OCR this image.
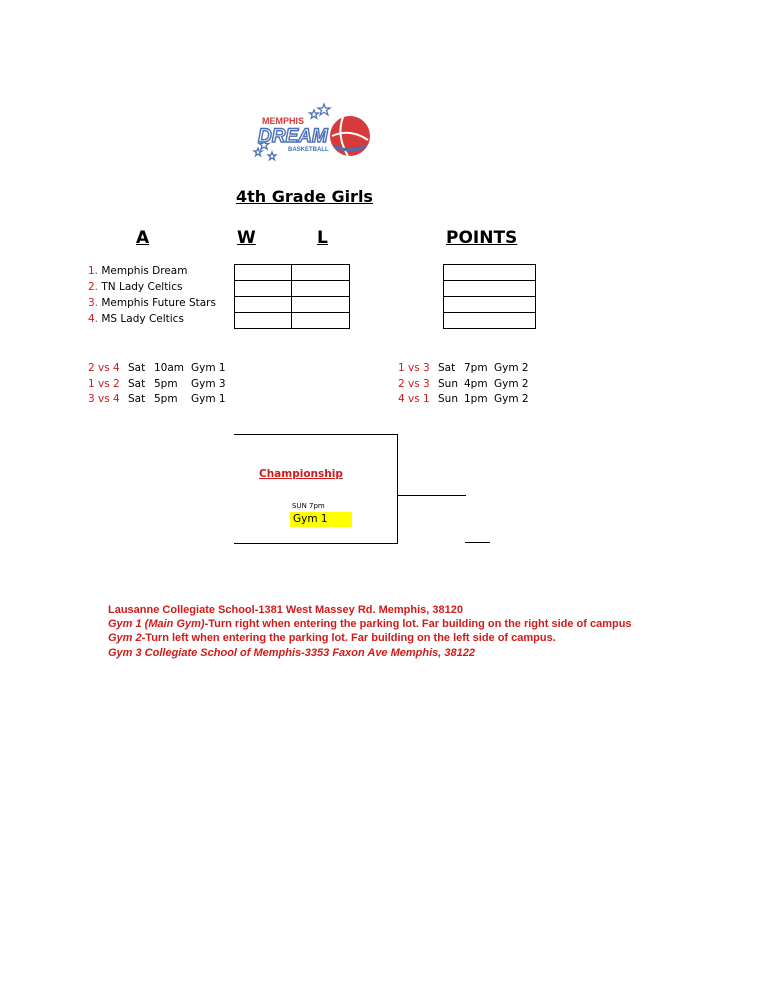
MEMPHIS
DREAM
BASKETBALL
4th Grade Girls
A	W	L	POINTS
1. Memphis Dream
2. TN Lady Celtics
3. Memphis Future Stars
4. MS Lady Celtics

2 vs 4 Sat 10am Gym 1
1 vs 2 Sat 5pm Gym 3
3 vs 4 Sat 5pm Gym 1
1 vs 3 Sat 7pm Gym 2
2 vs 3 Sun 4pm Gym 2
4 vs 1 Sun 1pm Gym 2
Championship
SUN 7pm
Gym 1
Lausanne Collegiate School-1381 West Massey Rd. Memphis, 38120
Gym 1 (Main Gym)-Turn right when entering the parking lot. Far building on the right side of campus
Gym 2-Turn left when entering the parking lot. Far building on the left side of campus.
Gym 3 Collegiate School of Memphis-3353 Faxon Ave Memphis, 38122
